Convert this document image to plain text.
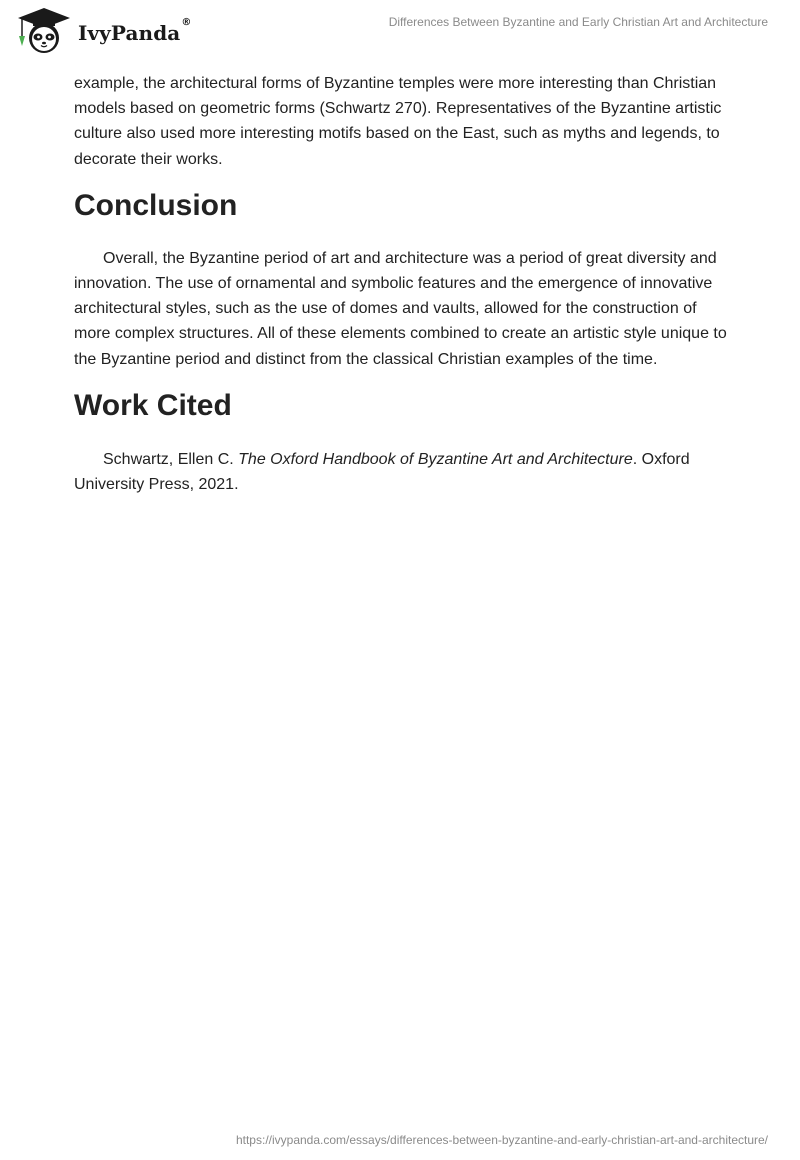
IvyPanda®	Differences Between Byzantine and Early Christian Art and Architecture

example, the architectural forms of Byzantine temples were more interesting than Christian models based on geometric forms (Schwartz 270). Representatives of the Byzantine artistic culture also used more interesting motifs based on the East, such as myths and legends, to decorate their works.

Conclusion

Overall, the Byzantine period of art and architecture was a period of great diversity and innovation. The use of ornamental and symbolic features and the emergence of innovative architectural styles, such as the use of domes and vaults, allowed for the construction of more complex structures. All of these elements combined to create an artistic style unique to the Byzantine period and distinct from the classical Christian examples of the time.

Work Cited

Schwartz, Ellen C. The Oxford Handbook of Byzantine Art and Architecture. Oxford University Press, 2021.

https://ivypanda.com/essays/differences-between-byzantine-and-early-christian-art-and-architecture/
